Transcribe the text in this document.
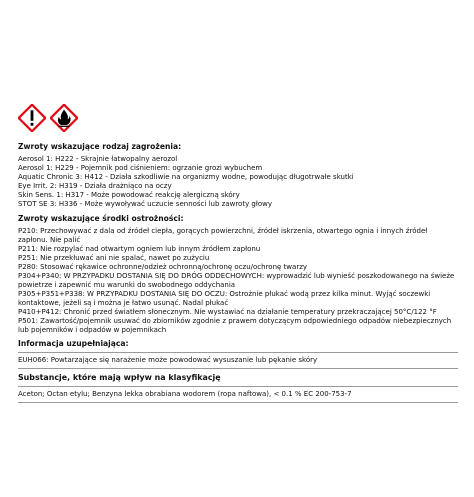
Zwroty wskazujące rodzaj zagrożenia:
Aerosol 1: H222 - Skrajnie łatwopalny aerozol
Aerosol 1: H229 - Pojemnik pod ciśnieniem: ogrzanie grozi wybuchem
Aquatic Chronic 3: H412 - Działa szkodliwie na organizmy wodne, powodując długotrwałe skutki
Eye Irrit. 2: H319 - Działa drażniąco na oczy
Skin Sens. 1: H317 - Może powodować reakcję alergiczną skóry
STOT SE 3: H336 - Może wywoływać uczucie senności lub zawroty głowy
Zwroty wskazujące środki ostrożności:
P210: Przechowywać z dala od źródeł ciepła, gorących powierzchni, źródeł iskrzenia, otwartego ognia i innych źródeł zapłonu. Nie palić
P211: Nie rozpylać nad otwartym ogniem lub innym źródłem zapłonu
P251: Nie przekłuwać ani nie spalać, nawet po zużyciu
P280: Stosować rękawice ochronne/odzież ochronną/ochronę oczu/ochronę twarzy
P304+P340: W PRZYPADKU DOSTANIA SIĘ DO DRÓG ODDECHOWYCH: wyprowadzić lub wynieść poszkodowanego na świeże powietrze i zapewnić mu warunki do swobodnego oddychania
P305+P351+P338: W PRZYPADKU DOSTANIA SIĘ DO OCZU: Ostrożnie płukać wodą przez kilka minut. Wyjąć soczewki kontaktowe, jeżeli są i można je łatwo usunąć. Nadal płukać
P410+P412: Chronić przed światłem słonecznym. Nie wystawiać na działanie temperatury przekraczającej 50°C/122 °F
P501: Zawartość/pojemnik usuwać do zbiorników zgodnie z prawem dotyczącym odpowiedniego odpadów niebezpiecznych lub pojemników i odpadów w pojemnikach
Informacja uzupełniająca:
EUH066: Powtarzające się narażenie może powodować wysuszanie lub pękanie skóry
Substancje, które mają wpływ na klasyfikację
Aceton; Octan etylu; Benzyna lekka obrabiana wodorem (ropa naftowa), < 0.1 % EC 200-753-7
